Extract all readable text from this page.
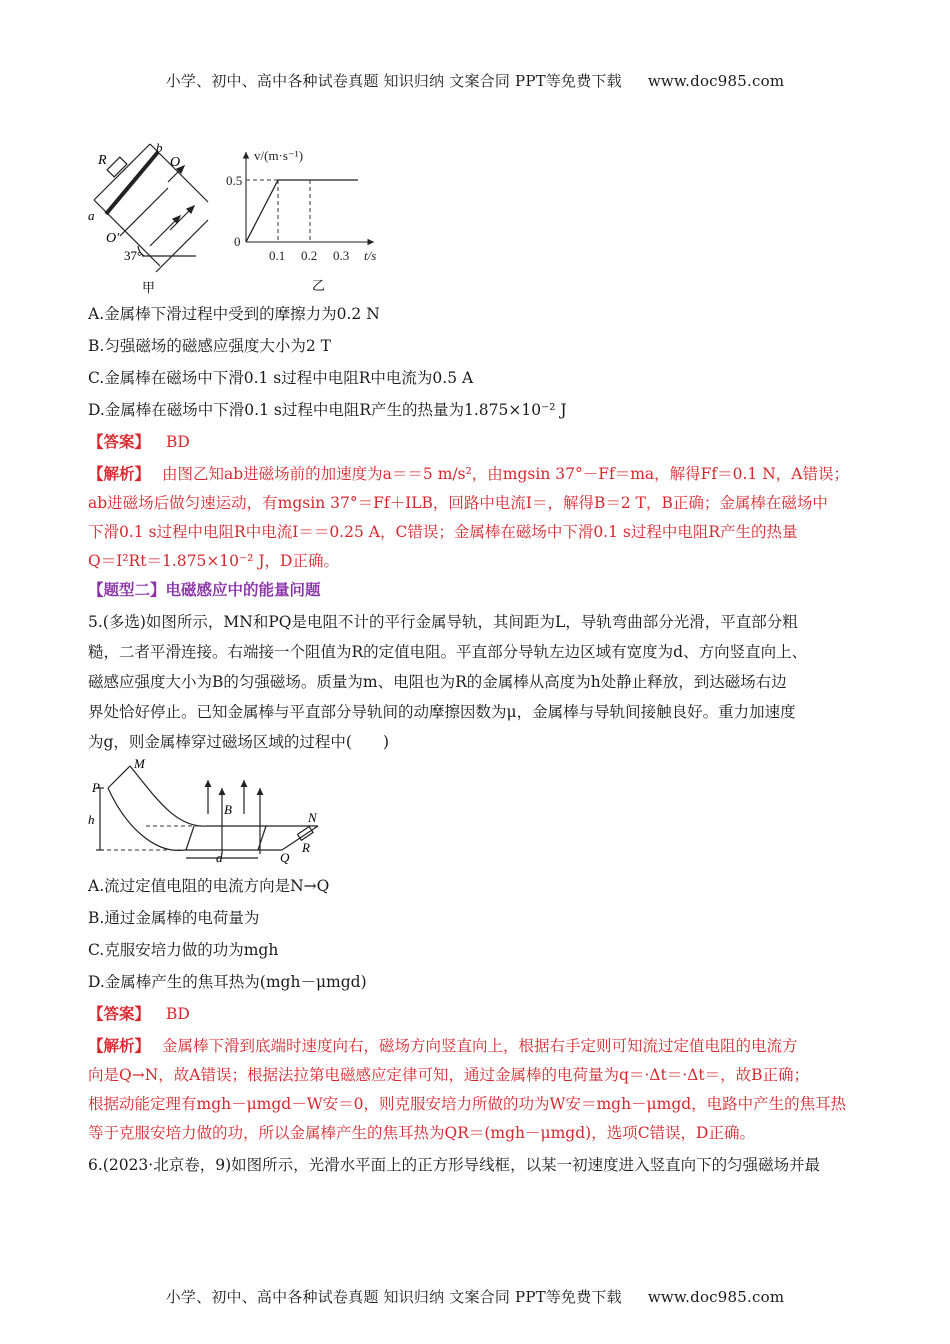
小学、初中、高中各种试卷真题 知识归纳 文案合同 PPT等免费下载 www.doc985.com
R
b
O
a
O′
37°
甲
0.1 0.2 0.3
0.5
0
t/s
v/(m·s⁻¹)
乙
A.金属棒下滑过程中受到的摩擦力为0.2 N
B.匀强磁场的磁感应强度大小为2 T
C.金属棒在磁场中下滑0.1 s过程中电阻R中电流为0.5 A
D.金属棒在磁场中下滑0.1 s过程中电阻R产生的热量为1.875×10⁻² J
【答案】 BD
【解析】 由图乙知ab进磁场前的加速度为a＝＝5 m/s²，由mgsin 37°－Ff＝ma，解得Ff＝0.1 N，A错误；
ab进磁场后做匀速运动，有mgsin 37°＝Ff＋ILB，回路中电流I＝，解得B＝2 T，B正确；金属棒在磁场中
下滑0.1 s过程中电阻R中电流I＝＝0.25 A，C错误；金属棒在磁场中下滑0.1 s过程中电阻R产生的热量
Q＝I²Rt＝1.875×10⁻² J，D正确。
【题型二】电磁感应中的能量问题
5.(多选)如图所示，MN和PQ是电阻不计的平行金属导轨，其间距为L，导轨弯曲部分光滑，平直部分粗
糙，二者平滑连接。右端接一个阻值为R的定值电阻。平直部分导轨左边区域有宽度为d、方向竖直向上、
磁感应强度大小为B的匀强磁场。质量为m、电阻也为R的金属棒从高度为h处静止释放，到达磁场右边
界处恰好停止。已知金属棒与平直部分导轨间的动摩擦因数为μ，金属棒与导轨间接触良好。重力加速度
为g，则金属棒穿过磁场区域的过程中(　　)
M
P
h
B
N
d	Q
R
A.流过定值电阻的电流方向是N→Q
B.通过金属棒的电荷量为
C.克服安培力做的功为mgh
D.金属棒产生的焦耳热为(mgh－μmgd)
【答案】 BD
【解析】 金属棒下滑到底端时速度向右，磁场方向竖直向上，根据右手定则可知流过定值电阻的电流方
向是Q→N，故A错误；根据法拉第电磁感应定律可知，通过金属棒的电荷量为q＝·Δt＝·Δt＝，故B正确；
根据动能定理有mgh－μmgd－W安＝0，则克服安培力所做的功为W安＝mgh－μmgd，电路中产生的焦耳热
等于克服安培力做的功，所以金属棒产生的焦耳热为QR＝(mgh－μmgd)，选项C错误，D正确。
6.(2023·北京卷，9)如图所示，光滑水平面上的正方形导线框，以某一初速度进入竖直向下的匀强磁场并最
小学、初中、高中各种试卷真题 知识归纳 文案合同 PPT等免费下载 www.doc985.com
